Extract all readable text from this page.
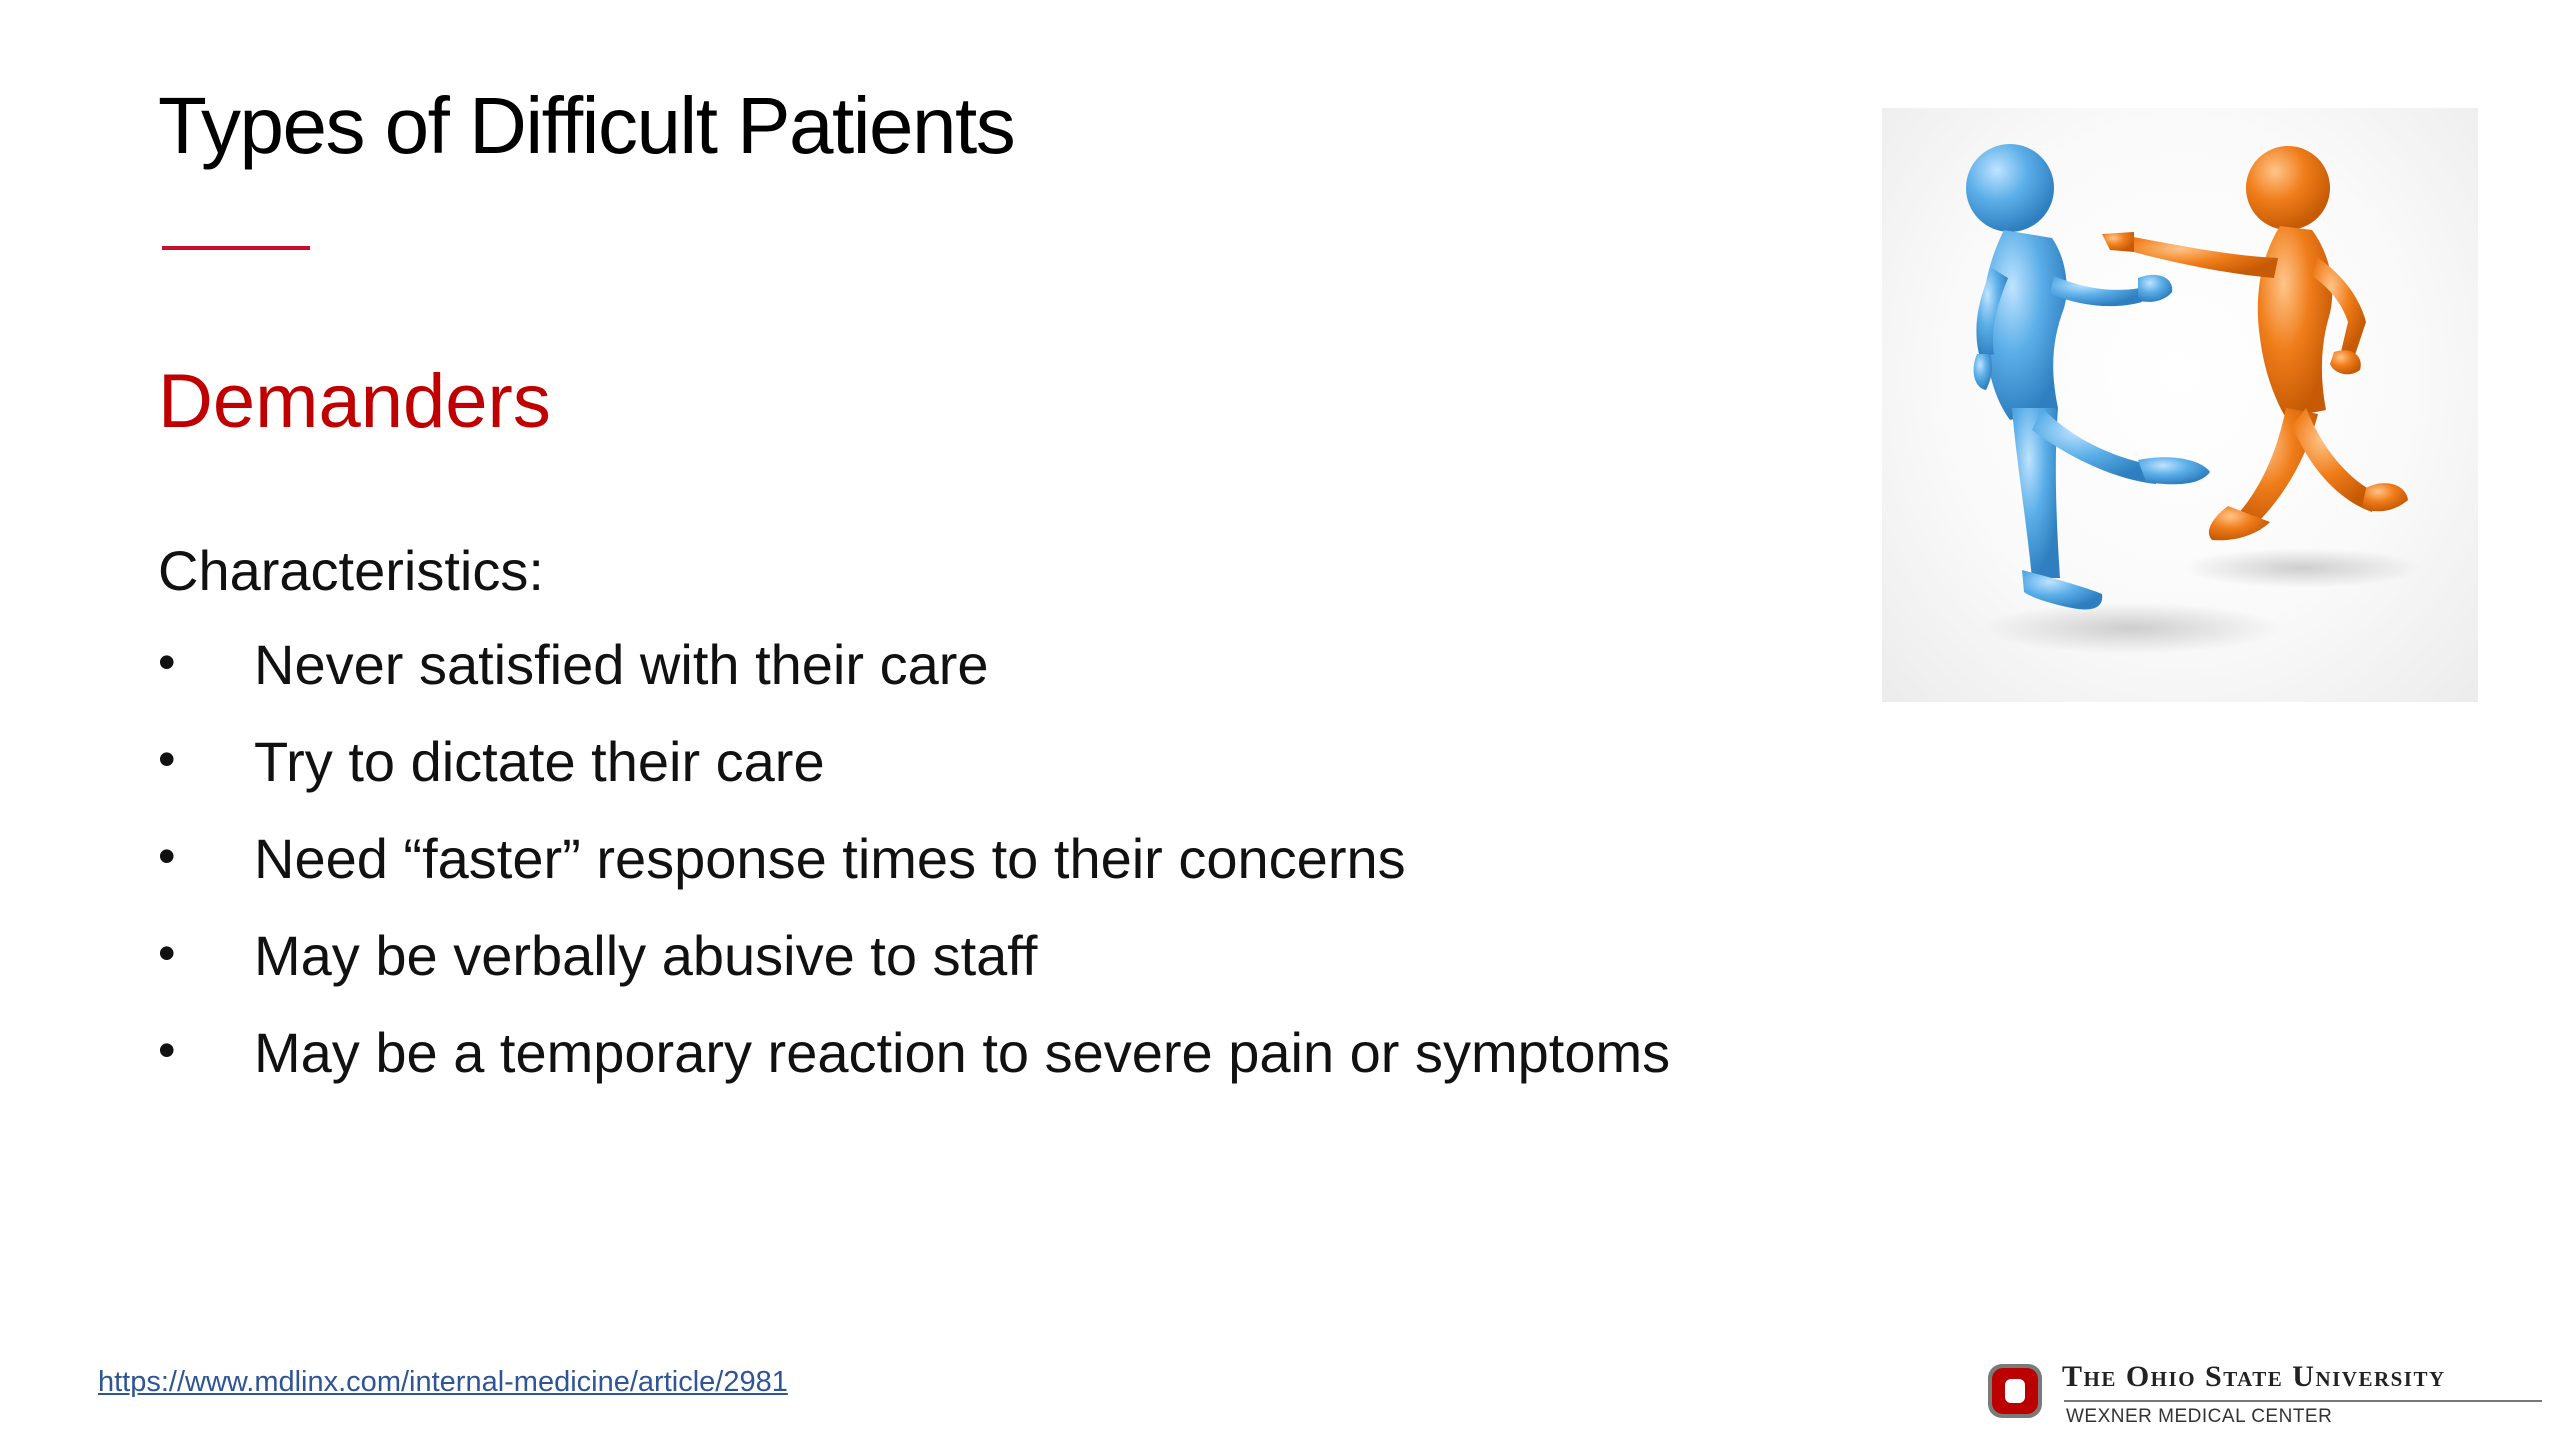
Types of Difficult Patients
Demanders
Characteristics:
•	Never satisfied with their care
•	Try to dictate their care
•	Need “faster” response times to their concerns
•	May be verbally abusive to staff
•	May be a temporary reaction to severe pain or symptoms
https://www.mdlinx.com/internal-medicine/article/2981	The Ohio State University
WEXNER MEDICAL CENTER
